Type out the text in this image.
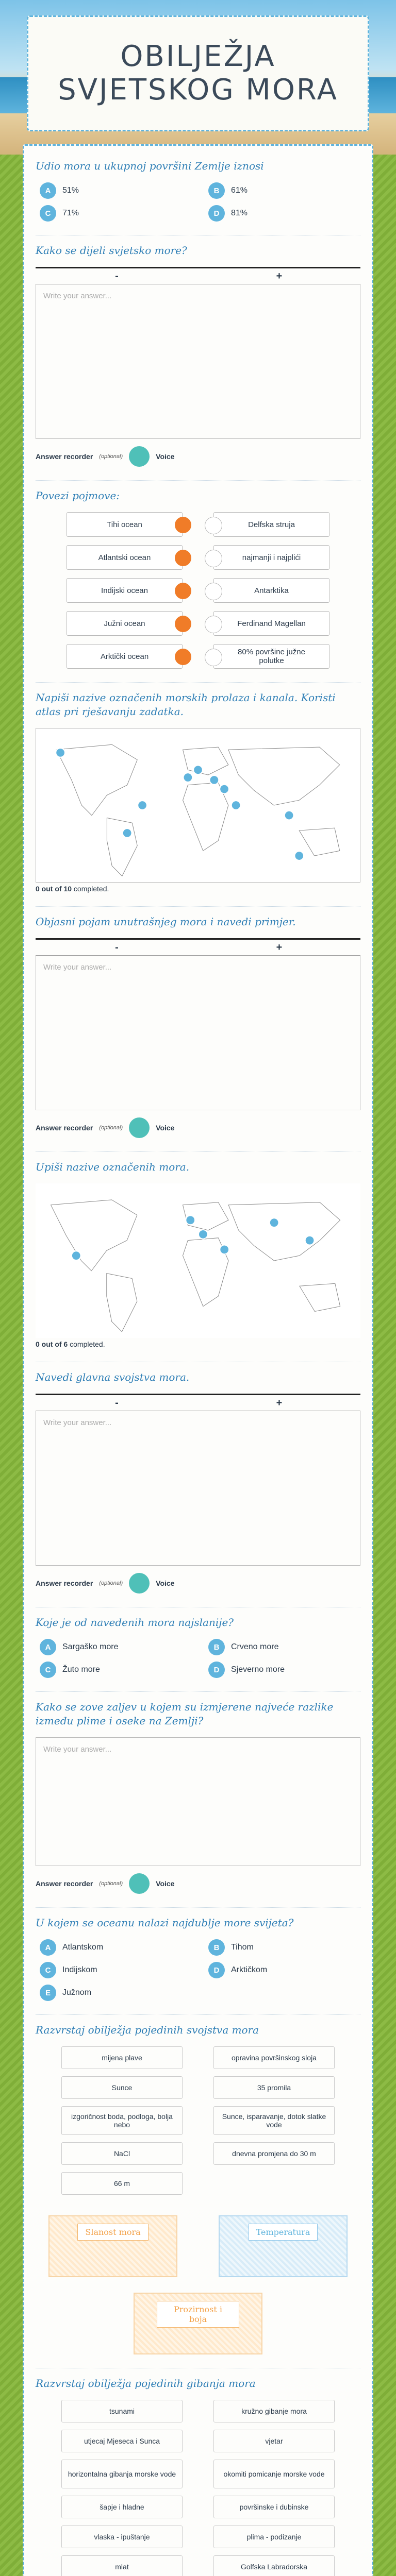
OBILJEŽJA
SVJETSKOG MORA

Udio mora u ukupnoj površini Zemlje iznosi

A	51%	B	61%
C	71%	D	81%

Kako se dijeli svjetsko more?

-	+
Write your answer...
Answer recorder (optional)	Voice

Povezi pojmove:

Tihi ocean	Delfska struja
Atlantski ocean	najmanji i najplići
Indijski ocean	Antarktika
Južni ocean	Ferdinand Magellan
Arktički ocean	80% površine južne polutke

Napiši nazive označenih morskih prolaza i kanala. Koristi atlas pri rješavanju zadatka.

0 out of 10 completed.

Objasni pojam unutrašnjeg mora i navedi primjer.

-	+
Write your answer...
Answer recorder (optional)	Voice

Upiši nazive označenih mora.

0 out of 6 completed.

Navedi glavna svojstva mora.

-	+
Write your answer...
Answer recorder (optional)	Voice

Koje je od navedenih mora najslanije?

A	Sargaško more	B	Crveno more
C	Žuto more	D	Sjeverno more

Kako se zove zaljev u kojem su izmjerene najveće razlike između plime i oseke na Zemlji?

Write your answer...
Answer recorder (optional)	Voice

U kojem se oceanu nalazi najdublje more svijeta?

A	Atlantskom	B	Tihom
C	Indijskom	D	Arktičkom
E	Južnom

Razvrstaj obilježja pojedinih svojstva mora

mijena plave	opravina površinskog sloja
Sunce	35 promila
izgoričnost boda, podloga, bolja nebo
Sunce, isparavanje, dotok slatke vode
NaCl	dnevna promjena do 30 m
66 m
Slanost mora	Temperatura
Prozirnost i boja

Razvrstaj obilježja pojedinih gibanja mora

tsunami	kružno gibanje mora
utjecaj Mjeseca i Sunca	vjetar
horizontalna gibanja morske vode	okomiti pomicanje morske vode
šapje i hladne	površinske i dubinske
vlaska - ipuštanje	plima - podizanje
mlat	Golfska Labradorska
